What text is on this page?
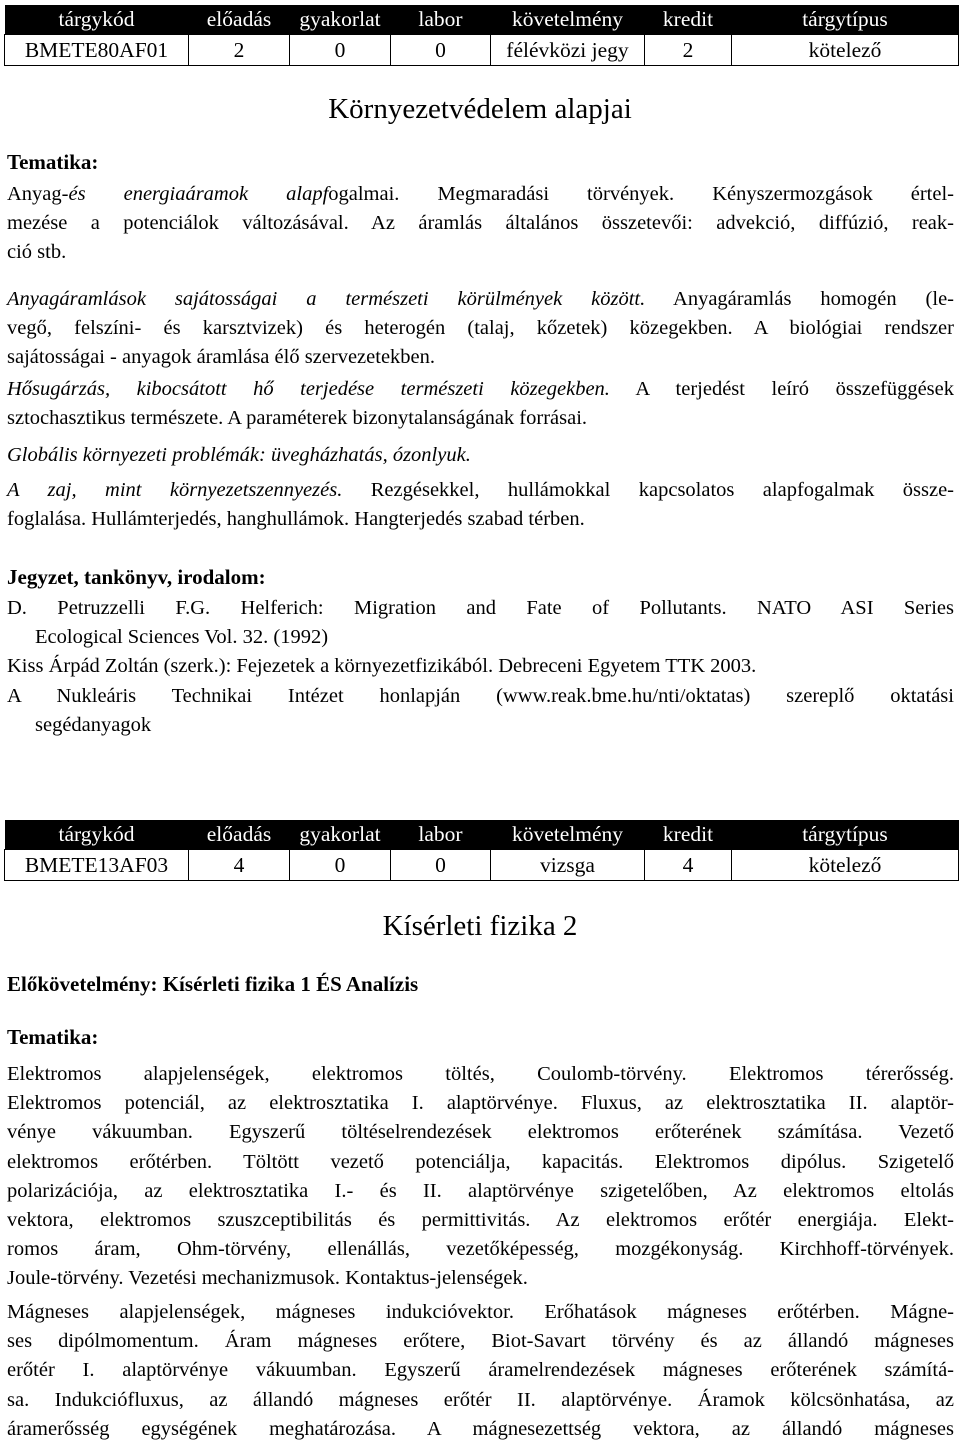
tárgykód	előadás	gyakorlat	labor	követelmény	kredit	tárgytípus
BMETE80AF01	2	0	0	félévközi jegy	2	kötelező
Környezetvédelem alapjai
Tematika:
Anyag-és energiaáramok alapfogalmai. Megmaradási törvények. Kényszermozgások értel-
mezése a potenciálok változásával. Az áramlás általános összetevői: advekció, diffúzió, reak-
ció stb.
Anyagáramlások sajátosságai a természeti körülmények között. Anyagáramlás homogén (le-
vegő, felszíni- és karsztvizek) és heterogén (talaj, kőzetek) közegekben. A biológiai rendszer
sajátosságai - anyagok áramlása élő szervezetekben.
Hősugárzás, kibocsátott hő terjedése természeti közegekben. A terjedést leíró összefüggések
sztochasztikus természete. A paraméterek bizonytalanságának forrásai.
Globális környezeti problémák: üvegházhatás, ózonlyuk.
A zaj, mint környezetszennyezés. Rezgésekkel, hullámokkal kapcsolatos alapfogalmak össze-
foglalása. Hullámterjedés, hanghullámok. Hangterjedés szabad térben.
Jegyzet, tankönyv, irodalom:
D. Petruzzelli F.G. Helferich: Migration and Fate of Pollutants. NATO ASI Series
Ecological Sciences Vol. 32. (1992)
Kiss Árpád Zoltán (szerk.): Fejezetek a környezetfizikából. Debreceni Egyetem TTK 2003.
A Nukleáris Technikai Intézet honlapján (www.reak.bme.hu/nti/oktatas) szereplő oktatási
segédanyagok
tárgykód	előadás	gyakorlat	labor	követelmény	kredit	tárgytípus
BMETE13AF03	4	0	0	vizsga	4	kötelező
Kísérleti fizika 2
Előkövetelmény: Kísérleti fizika 1 ÉS Analízis
Tematika:
Elektromos alapjelenségek, elektromos töltés, Coulomb-törvény. Elektromos térerősség.
Elektromos potenciál, az elektrosztatika I. alaptörvénye. Fluxus, az elektrosztatika II. alaptör-
vénye vákuumban. Egyszerű töltéselrendezések elektromos erőterének számítása. Vezető
elektromos erőtérben. Töltött vezető potenciálja, kapacitás. Elektromos dipólus. Szigetelő
polarizációja, az elektrosztatika I.- és II. alaptörvénye szigetelőben, Az elektromos eltolás
vektora, elektromos szuszceptibilitás és permittivitás. Az elektromos erőtér energiája. Elekt-
romos áram, Ohm-törvény, ellenállás, vezetőképesség, mozgékonyság. Kirchhoff-törvények.
Joule-törvény. Vezetési mechanizmusok. Kontaktus-jelenségek.
Mágneses alapjelenségek, mágneses indukcióvektor. Erőhatások mágneses erőtérben. Mágne-
ses dipólmomentum. Áram mágneses erőtere, Biot-Savart törvény és az állandó mágneses
erőtér I. alaptörvénye vákuumban. Egyszerű áramelrendezések mágneses erőterének számítá-
sa. Indukciófluxus, az állandó mágneses erőtér II. alaptörvénye. Áramok kölcsönhatása, az
áramerősség egységének meghatározása. A mágnesezettség vektora, az állandó mágneses
